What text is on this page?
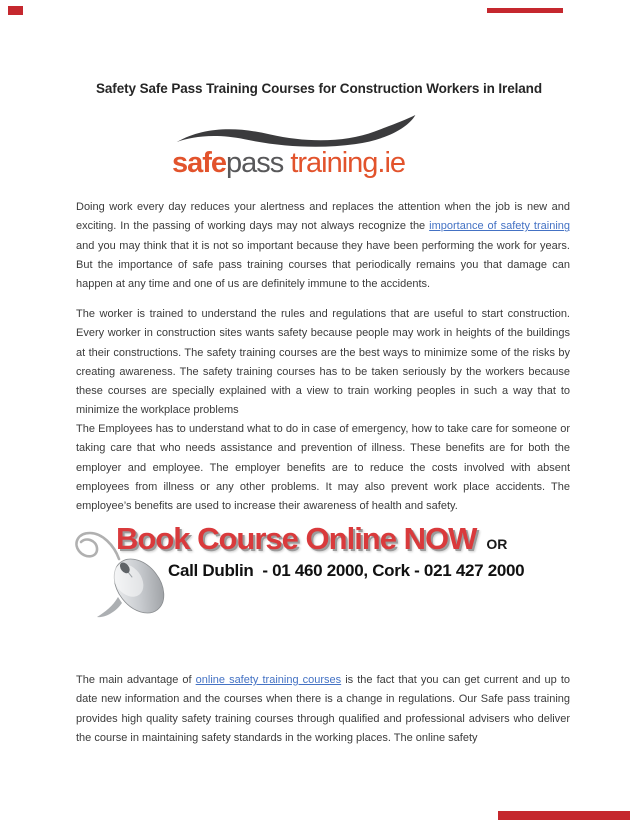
Safety Safe Pass Training Courses for Construction Workers in Ireland
safepass training.ie

Doing work every day reduces your alertness and replaces the attention when the job is new and exciting. In the passing of working days may not always recognize the importance of safety training and you may think that it is not so important because they have been performing the work for years. But the importance of safe pass training courses that periodically remains you that damage can happen at any time and one of us are definitely immune to the accidents.

The worker is trained to understand the rules and regulations that are useful to start construction. Every worker in construction sites wants safety because people may work in heights of the buildings at their constructions. The safety training courses are the best ways to minimize some of the risks by creating awareness. The safety training courses has to be taken seriously by the workers because these courses are specially explained with a view to train working peoples in such a way that to minimize the workplace problems

The Employees has to understand what to do in case of emergency, how to take care for someone or taking care that who needs assistance and prevention of illness. These benefits are for both the employer and employee. The employer benefits are to reduce the costs involved with absent employees from illness or any other problems. It may also prevent work place accidents. The employee’s benefits are used to increase their awareness of health and safety.

Book Course Online NOW OR
Call Dublin  - 01 460 2000, Cork - 021 427 2000

The main advantage of online safety training courses is the fact that you can get current and up to date new information and the courses when there is a change in regulations. Our Safe pass training provides high quality safety training courses through qualified and professional advisers who deliver the course in maintaining safety standards in the working places. The online safety
